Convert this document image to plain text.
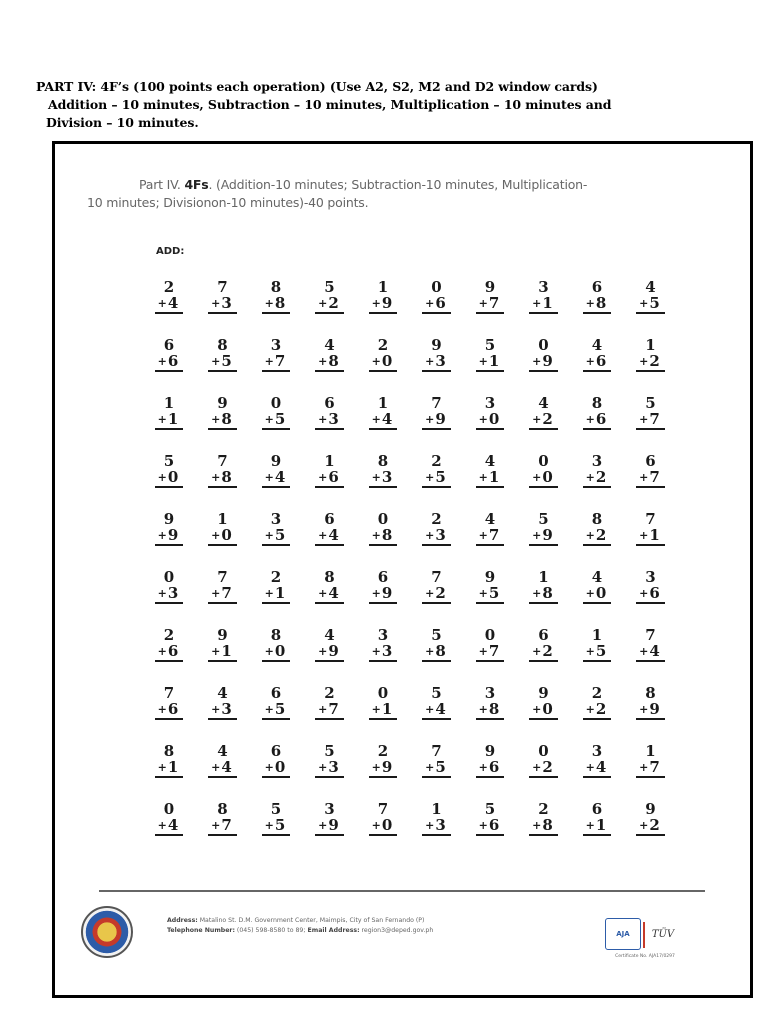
PART IV: 4F’s (100 points each operation) (Use A2, S2, M2 and D2 window cards)
Addition – 10 minutes, Subtraction – 10 minutes, Multiplication – 10 minutes and
Division – 10 minutes.
Part IV. 4Fs. (Addition-10 minutes; Subtraction-10 minutes, Multiplication-
10 minutes; Divisionon-10 minutes)-40 points.
ADD:
2
+4
7
+3
8
+8
5
+2
1
+9
0
+6
9
+7
3
+1
6
+8
4
+5
6
+6
8
+5
3
+7
4
+8
2
+0
9
+3
5
+1
0
+9
4
+6
1
+2
1
+1
9
+8
0
+5
6
+3
1
+4
7
+9
3
+0
4
+2
8
+6
5
+7
5
+0
7
+8
9
+4
1
+6
8
+3
2
+5
4
+1
0
+0
3
+2
6
+7
9
+9
1
+0
3
+5
6
+4
0
+8
2
+3
4
+7
5
+9
8
+2
7
+1
0
+3
7
+7
2
+1
8
+4
6
+9
7
+2
9
+5
1
+8
4
+0
3
+6
2
+6
9
+1
8
+0
4
+9
3
+3
5
+8
0
+7
6
+2
1
+5
7
+4
7
+6
4
+3
6
+5
2
+7
0
+1
5
+4
3
+8
9
+0
2
+2
8
+9
8
+1
4
+4
6
+0
5
+3
2
+9
7
+5
9
+6
0
+2
3
+4
1
+7
0
+4
8
+7
5
+5
3
+9
7
+0
1
+3
5
+6
2
+8
6
+1
9
+2
Address: Matalino St. D.M. Government Center, Maimpis, City of San Fernando (P)
Telephone Number: (045) 598-8580 to 89; Email Address: region3@deped.gov.ph	AJA	TÜV
Certificate No. AJA17/0297
